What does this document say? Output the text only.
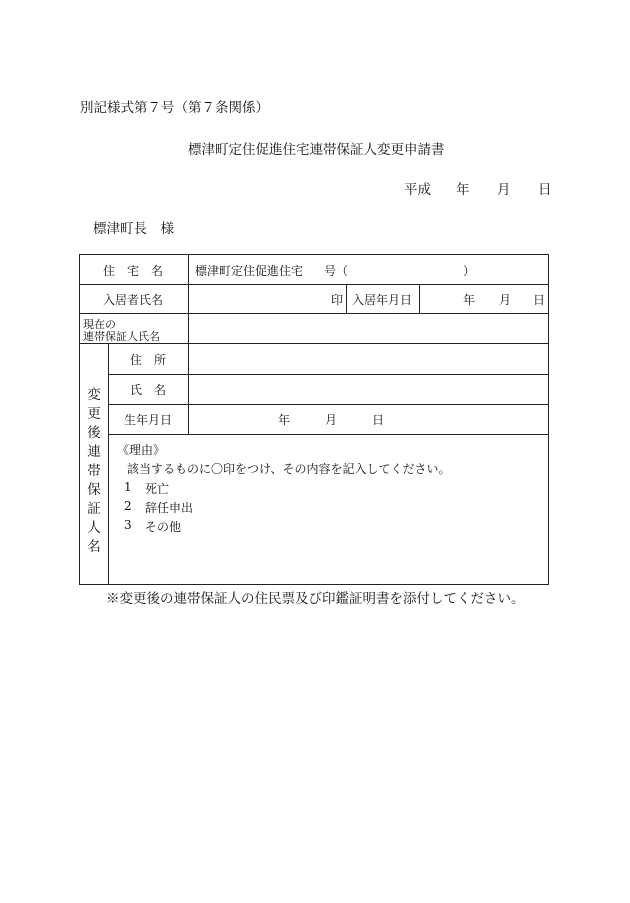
別記様式第７号（第７条関係）
標津町定住促進住宅連帯保証人変更申請書
平成 年 月 日
標津町長　様
住　宅　名	標津町定住促進住宅 号（	）
入居者氏名	印 入居年月日	年 月 日
現在の
連帯保証人氏名
変
更
後
連
帯
保
証
人
名
住　所
氏　名
生年月日	年	月	日
《理由》
該当するものに〇印をつけ、その内容を記入してください。
1 死亡
2 辞任申出
3 その他
※変更後の連帯保証人の住民票及び印鑑証明書を添付してください。
